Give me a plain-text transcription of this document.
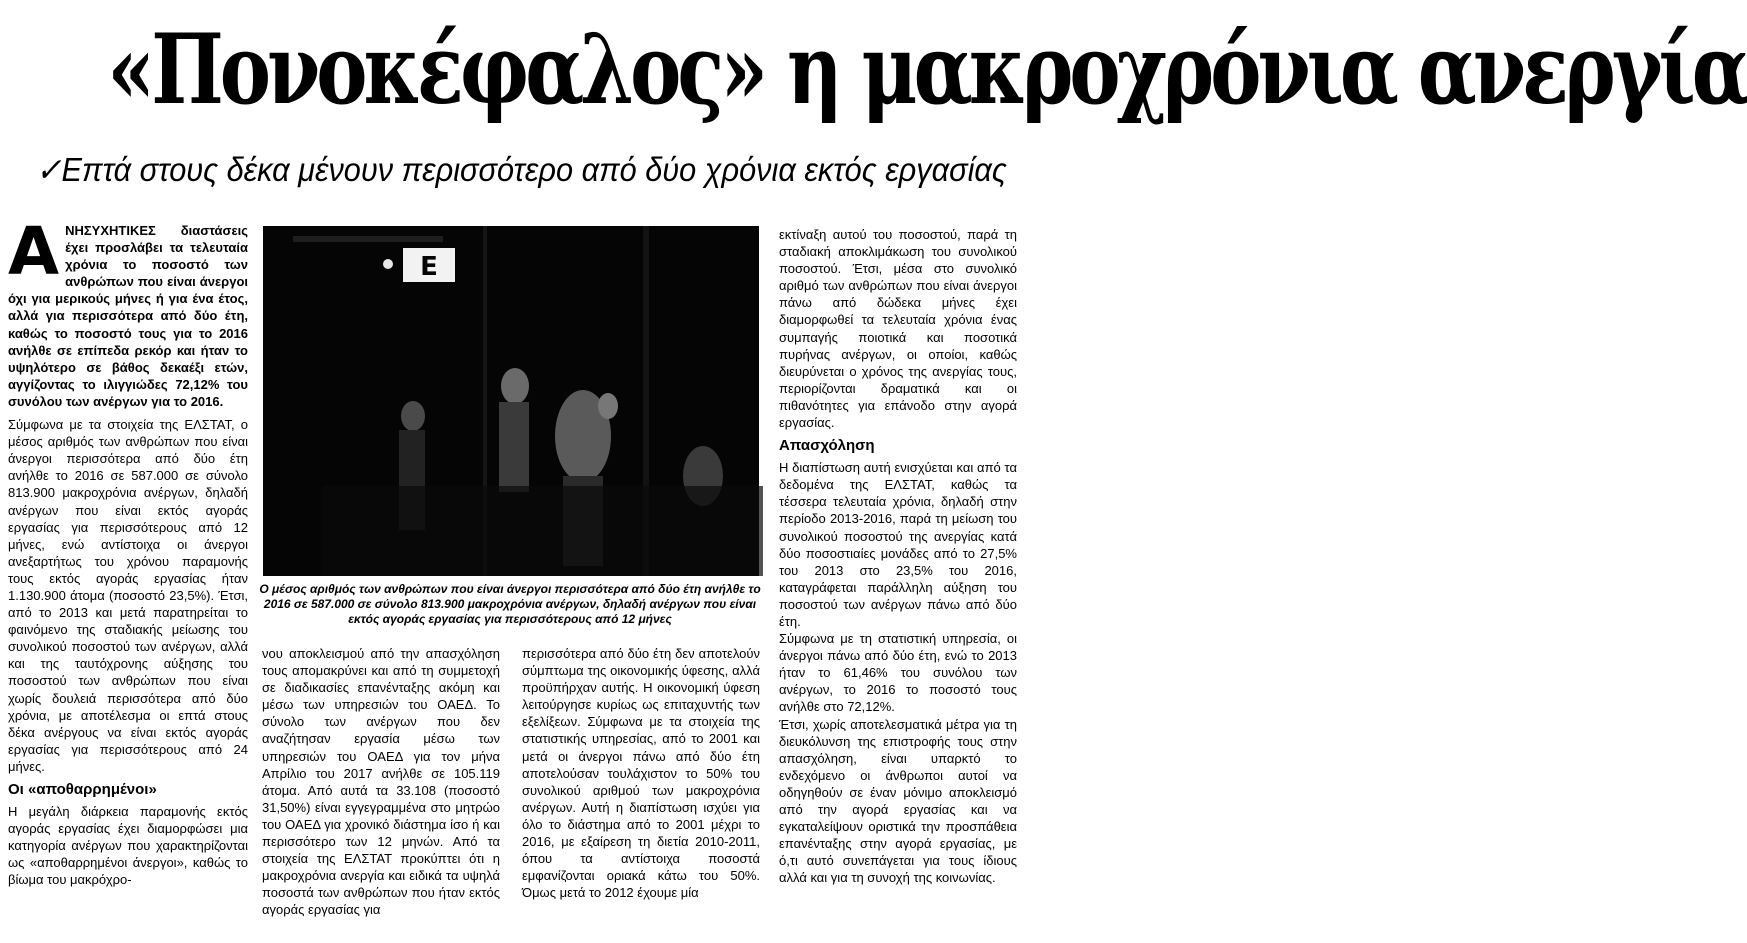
«Πονοκέφαλος» η μακροχρόνια ανεργία
✓Επτά στους δέκα μένουν περισσότερο από δύο χρόνια εκτός εργασίας

ΑΝΗΣΥΧΗΤΙΚΕΣ διαστάσεις έχει προσλάβει τα τελευταία χρόνια το ποσοστό των ανθρώπων που είναι άνεργοι όχι για μερικούς μήνες ή για ένα έτος, αλλά για περισσότερα από δύο έτη, καθώς το ποσοστό τους για το 2016 ανήλθε σε επίπεδα ρεκόρ και ήταν το υψηλότερο σε βάθος δεκαέξι ετών, αγγίζοντας το ιλιγγιώδες 72,12% του συνόλου των ανέργων για το 2016.

Σύμφωνα με τα στοιχεία της ΕΛΣΤΑΤ, ο μέσος αριθμός των ανθρώπων που είναι άνεργοι περισσότερα από δύο έτη ανήλθε το 2016 σε 587.000 σε σύνολο 813.900 μακροχρόνια ανέργων, δηλαδή ανέργων που είναι εκτός αγοράς εργασίας για περισσότερους από 12 μήνες, ενώ αντίστοιχα οι άνεργοι ανεξαρτήτως του χρόνου παραμονής τους εκτός αγοράς εργασίας ήταν 1.130.900 άτομα (ποσοστό 23,5%). Έτσι, από το 2013 και μετά παρατηρείται το φαινόμενο της σταδιακής μείωσης του συνολικού ποσοστού των ανέργων, αλλά και της ταυτόχρονης αύξησης του ποσοστού των ανθρώπων που είναι χωρίς δουλειά περισσότερα από δύο χρόνια, με αποτέλεσμα οι επτά στους δέκα ανέργους να είναι εκτός αγοράς εργασίας για περισσότερους από 24 μήνες.

Οι «αποθαρρημένοι»

Η μεγάλη διάρκεια παραμονής εκτός αγοράς εργασίας έχει διαμορφώσει μια κατηγορία ανέργων που χαρακτηρίζονται ως «αποθαρρημένοι άνεργοι», καθώς το βίωμα του μακρόχρο-

Ε
Ο μέσος αριθμός των ανθρώπων που είναι άνεργοι περισσότερα από δύο έτη ανήλθε το 2016 σε 587.000 σε σύνολο 813.900 μακροχρόνια ανέργων, δηλαδή ανέργων που είναι εκτός αγοράς εργασίας για περισσότερους από 12 μήνες

νου αποκλεισμού από την απασχόληση τους απομακρύνει και από τη συμμετοχή σε διαδικασίες επανένταξης ακόμη και μέσω των υπηρεσιών του ΟΑΕΔ. Το σύνολο των ανέργων που δεν αναζήτησαν εργασία μέσω των υπηρεσιών του ΟΑΕΔ για τον μήνα Απρίλιο του 2017 ανήλθε σε 105.119 άτομα. Από αυτά τα 33.108 (ποσοστό 31,50%) είναι εγγεγραμμένα στο μητρώο του ΟΑΕΔ για χρονικό διάστημα ίσο ή και περισσότερο των 12 μηνών. Από τα στοιχεία της ΕΛΣΤΑΤ προκύπτει ότι η μακροχρόνια ανεργία και ειδικά τα υψηλά ποσοστά των ανθρώπων που ήταν εκτός αγοράς εργασίας για

περισσότερα από δύο έτη δεν αποτελούν σύμπτωμα της οικονομικής ύφεσης, αλλά προϋπήρχαν αυτής. Η οικονομική ύφεση λειτούργησε κυρίως ως επιταχυντής των εξελίξεων. Σύμφωνα με τα στοιχεία της στατιστικής υπηρεσίας, από το 2001 και μετά οι άνεργοι πάνω από δύο έτη αποτελούσαν τουλάχιστον το 50% του συνολικού αριθμού των μακροχρόνια ανέργων. Αυτή η διαπίστωση ισχύει για όλο το διάστημα από το 2001 μέχρι το 2016, με εξαίρεση τη διετία 2010-2011, όπου τα αντίστοιχα ποσοστά εμφανίζονται οριακά κάτω του 50%. Όμως μετά το 2012 έχουμε μία

εκτίναξη αυτού του ποσοστού, παρά τη σταδιακή αποκλιμάκωση του συνολικού ποσοστού. Έτσι, μέσα στο συνολικό αριθμό των ανθρώπων που είναι άνεργοι πάνω από δώδεκα μήνες έχει διαμορφωθεί τα τελευταία χρόνια ένας συμπαγής ποιοτικά και ποσοτικά πυρήνας ανέργων, οι οποίοι, καθώς διευρύνεται ο χρόνος της ανεργίας τους, περιορίζονται δραματικά και οι πιθανότητες για επάνοδο στην αγορά εργασίας.

Απασχόληση

Η διαπίστωση αυτή ενισχύεται και από τα δεδομένα της ΕΛΣΤΑΤ, καθώς τα τέσσερα τελευταία χρόνια, δηλαδή στην περίοδο 2013-2016, παρά τη μείωση του συνολικού ποσοστού της ανεργίας κατά δύο ποσοστιαίες μονάδες από το 27,5% του 2013 στο 23,5% του 2016, καταγράφεται παράλληλη αύξηση του ποσοστού των ανέργων πάνω από δύο έτη.

Σύμφωνα με τη στατιστική υπηρεσία, οι άνεργοι πάνω από δύο έτη, ενώ το 2013 ήταν το 61,46% του συνόλου των ανέργων, το 2016 το ποσοστό τους ανήλθε στο 72,12%.

Έτσι, χωρίς αποτελεσματικά μέτρα για τη διευκόλυνση της επιστροφής τους στην απασχόληση, είναι υπαρκτό το ενδεχόμενο οι άνθρωποι αυτοί να οδηγηθούν σε έναν μόνιμο αποκλεισμό από την αγορά εργασίας και να εγκαταλείψουν οριστικά την προσπάθεια επανένταξης στην αγορά εργασίας, με ό,τι αυτό συνεπάγεται για τους ίδιους αλλά και για τη συνοχή της κοινωνίας.
